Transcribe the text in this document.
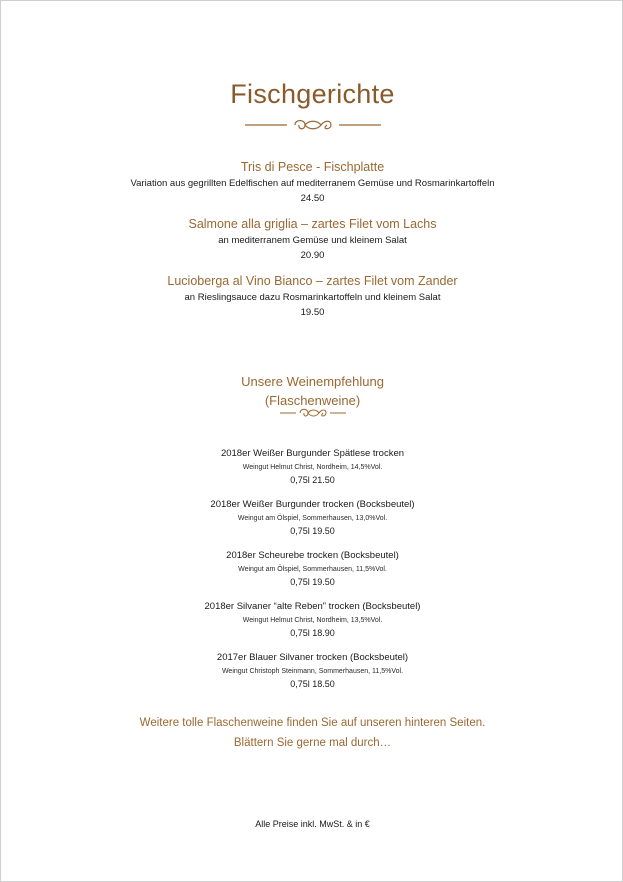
Fischgerichte
Tris di Pesce - Fischplatte
Variation aus gegrillten Edelfischen auf mediterranem Gemüse und Rosmarinkartoffeln
24.50
Salmone alla griglia – zartes Filet vom Lachs
an mediterranem Gemüse und kleinem Salat
20.90
Lucioberga al Vino Bianco – zartes Filet vom Zander
an Rieslingsauce dazu Rosmarinkartoffeln und kleinem Salat
19.50
Unsere Weinempfehlung
(Flaschenweine)
2018er Weißer Burgunder Spätlese trocken
Weingut Helmut Christ, Nordheim, 14,5%Vol.
0,75l 21.50
2018er Weißer Burgunder trocken (Bocksbeutel)
Weingut am Ölspiel, Sommerhausen, 13,0%Vol.
0,75l 19.50
2018er Scheurebe trocken (Bocksbeutel)
Weingut am Ölspiel, Sommerhausen, 11,5%Vol.
0,75l 19.50
2018er Silvaner “alte Reben” trocken (Bocksbeutel)
Weingut Helmut Christ, Nordheim, 13,5%Vol.
0,75l 18.90
2017er Blauer Silvaner trocken (Bocksbeutel)
Weingut Christoph Steinmann, Sommerhausen, 11,5%Vol.
0,75l 18.50
Weitere tolle Flaschenweine finden Sie auf unseren hinteren Seiten.
Blättern Sie gerne mal durch…
Alle Preise inkl. MwSt. & in €
